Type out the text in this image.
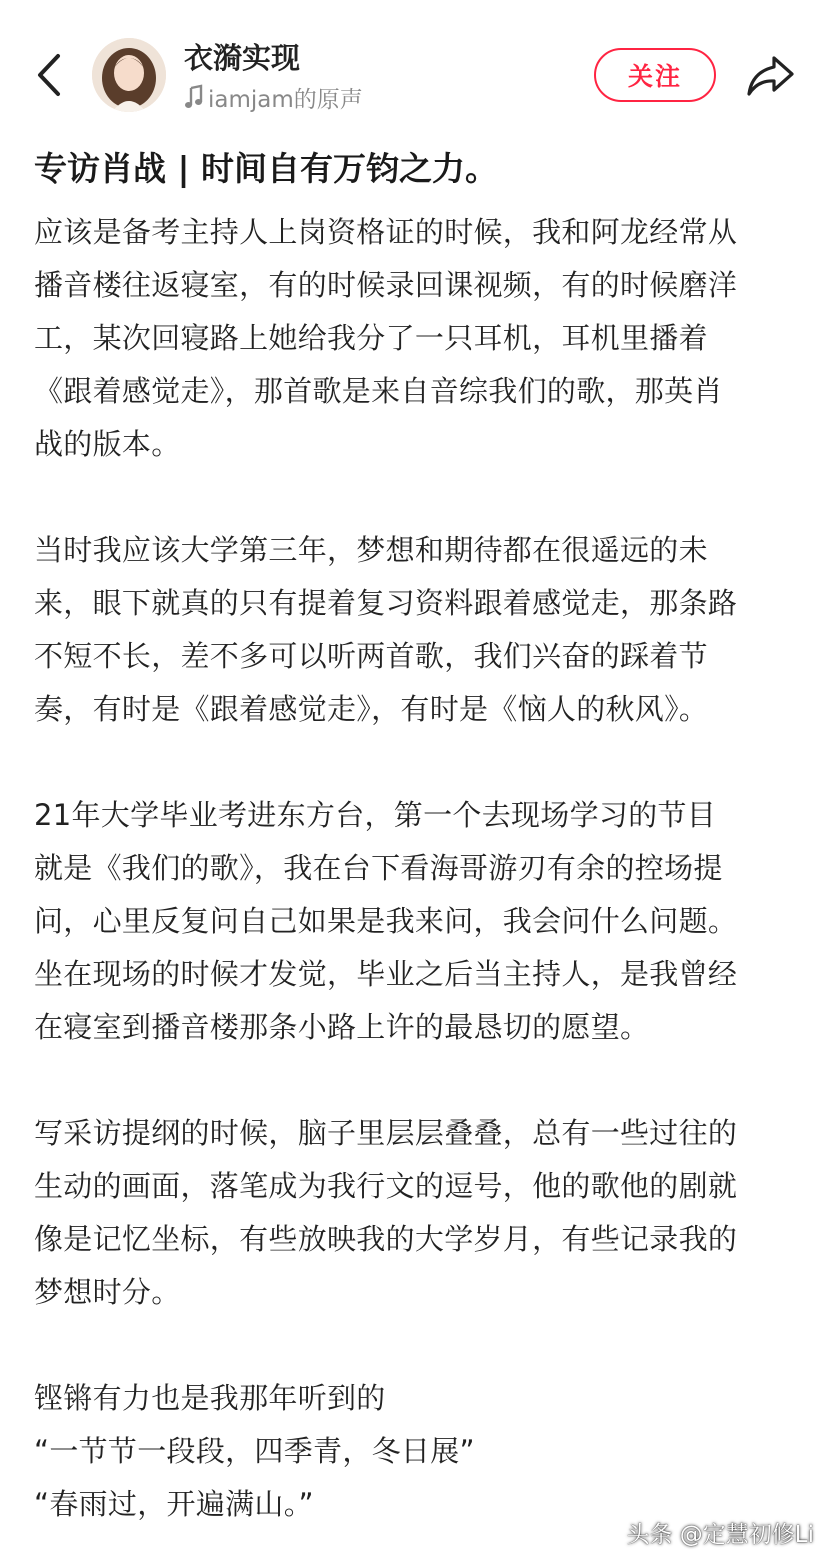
衣漪实现
iamjam的原声
关注
专访肖战 | 时间自有万钧之力。
应该是备考主持人上岗资格证的时候，我和阿龙经常从
播音楼往返寝室，有的时候录回课视频，有的时候磨洋
工，某次回寝路上她给我分了一只耳机，耳机里播着
《跟着感觉走》，那首歌是来自音综我们的歌，那英肖
战的版本。
当时我应该大学第三年，梦想和期待都在很遥远的未
来，眼下就真的只有提着复习资料跟着感觉走，那条路
不短不长，差不多可以听两首歌，我们兴奋的踩着节
奏，有时是《跟着感觉走》，有时是《恼人的秋风》。
21年大学毕业考进东方台，第一个去现场学习的节目
就是《我们的歌》，我在台下看海哥游刃有余的控场提
问，心里反复问自己如果是我来问，我会问什么问题。
坐在现场的时候才发觉，毕业之后当主持人，是我曾经
在寝室到播音楼那条小路上许的最恳切的愿望。
写采访提纲的时候，脑子里层层叠叠，总有一些过往的
生动的画面，落笔成为我行文的逗号，他的歌他的剧就
像是记忆坐标，有些放映我的大学岁月，有些记录我的
梦想时分。
铿锵有力也是我那年听到的
“一节节一段段，四季青，冬日展”
“春雨过，开遍满山。”
头条 @定慧初修Li
